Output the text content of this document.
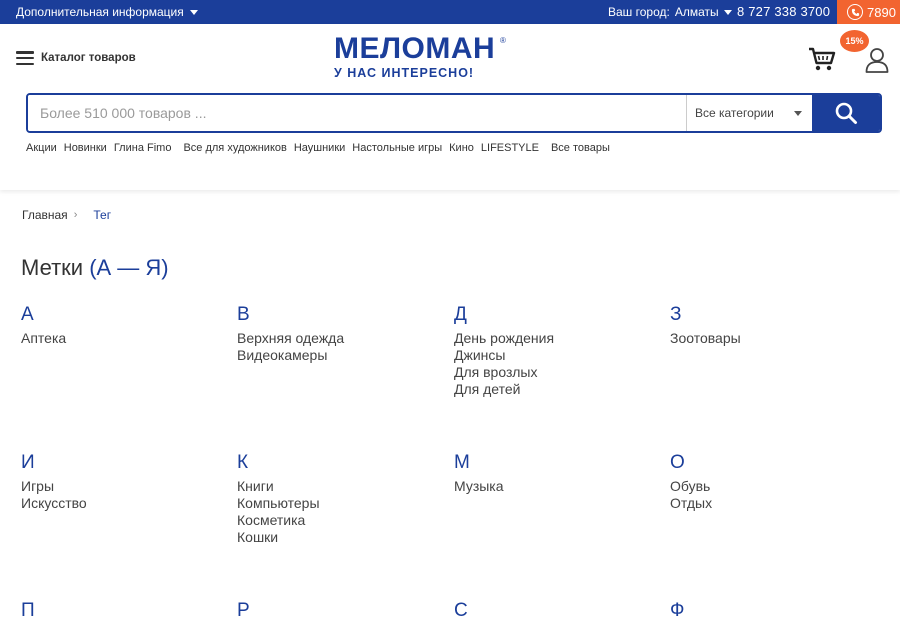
Дополнительная информация	Ваш город: Алматы 8 727 338 3700	7890
Каталог товаров	МЕЛОМАН ®
У НАС ИНТЕРЕСНО!
15%
Более 510 000 товаров ...
Все категории
Акции Новинки Глина Fimo Все для художников Наушники Настольные игры Кино LIFESTYLE Все товары
Главная › Тег
Метки (А — Я)
А
Аптека
В
Верхняя одежда
Видеокамеры
Д
День рождения
Джинсы
Для врозлых
Для детей
З
Зоотовары
И
Игры
Искусство
К
Книги
Компьютеры
Косметика
Кошки
М
Музыка
О
Обувь
Отдых
П	Р	С	Ф
